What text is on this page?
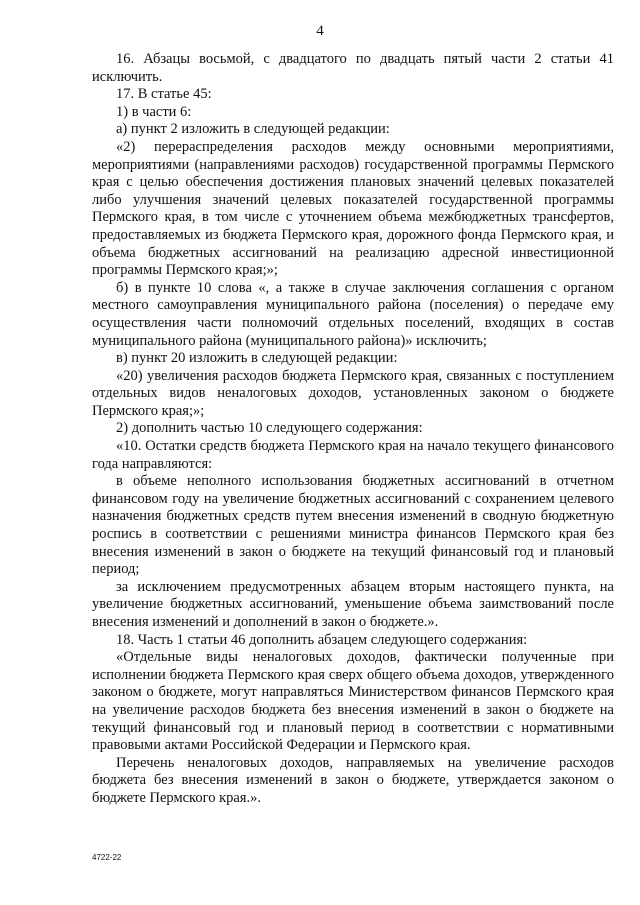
4

16. Абзацы восьмой, с двадцатого по двадцать пятый части 2 статьи 41 исключить.

17. В статье 45:

1) в части 6:

а) пункт 2 изложить в следующей редакции:

«2) перераспределения расходов между основными мероприятиями, мероприятиями (направлениями расходов) государственной программы Пермского края с целью обеспечения достижения плановых значений целевых показателей либо улучшения значений целевых показателей государственной программы Пермского края, в том числе с уточнением объема межбюджетных трансфертов, предоставляемых из бюджета Пермского края, дорожного фонда Пермского края, и объема бюджетных ассигнований на реализацию адресной инвестиционной программы Пермского края;»;

б) в пункте 10 слова «, а также в случае заключения соглашения с органом местного самоуправления муниципального района (поселения) о передаче ему осуществления части полномочий отдельных поселений, входящих в состав муниципального района (муниципального района)» исключить;

в) пункт 20 изложить в следующей редакции:

«20) увеличения расходов бюджета Пермского края, связанных с поступлением отдельных видов неналоговых доходов, установленных законом о бюджете Пермского края;»;

2) дополнить частью 10 следующего содержания:

«10. Остатки средств бюджета Пермского края на начало текущего финансового года направляются:

в объеме неполного использования бюджетных ассигнований в отчетном финансовом году на увеличение бюджетных ассигнований с сохранением целевого назначения бюджетных средств путем внесения изменений в сводную бюджетную роспись в соответствии с решениями министра финансов Пермского края без внесения изменений в закон о бюджете на текущий финансовый год и плановый период;

за исключением предусмотренных абзацем вторым настоящего пункта, на увеличение бюджетных ассигнований, уменьшение объема заимствований после внесения изменений и дополнений в закон о бюджете.».

18. Часть 1 статьи 46 дополнить абзацем следующего содержания:

«Отдельные виды неналоговых доходов, фактически полученные при исполнении бюджета Пермского края сверх общего объема доходов, утвержденного законом о бюджете, могут направляться Министерством финансов Пермского края на увеличение расходов бюджета без внесения изменений в закон о бюджете на текущий финансовый год и плановый период в соответствии с нормативными правовыми актами Российской Федерации и Пермского края.

Перечень неналоговых доходов, направляемых на увеличение расходов бюджета без внесения изменений в закон о бюджете, утверждается законом о бюджете Пермского края.».

4722-22
